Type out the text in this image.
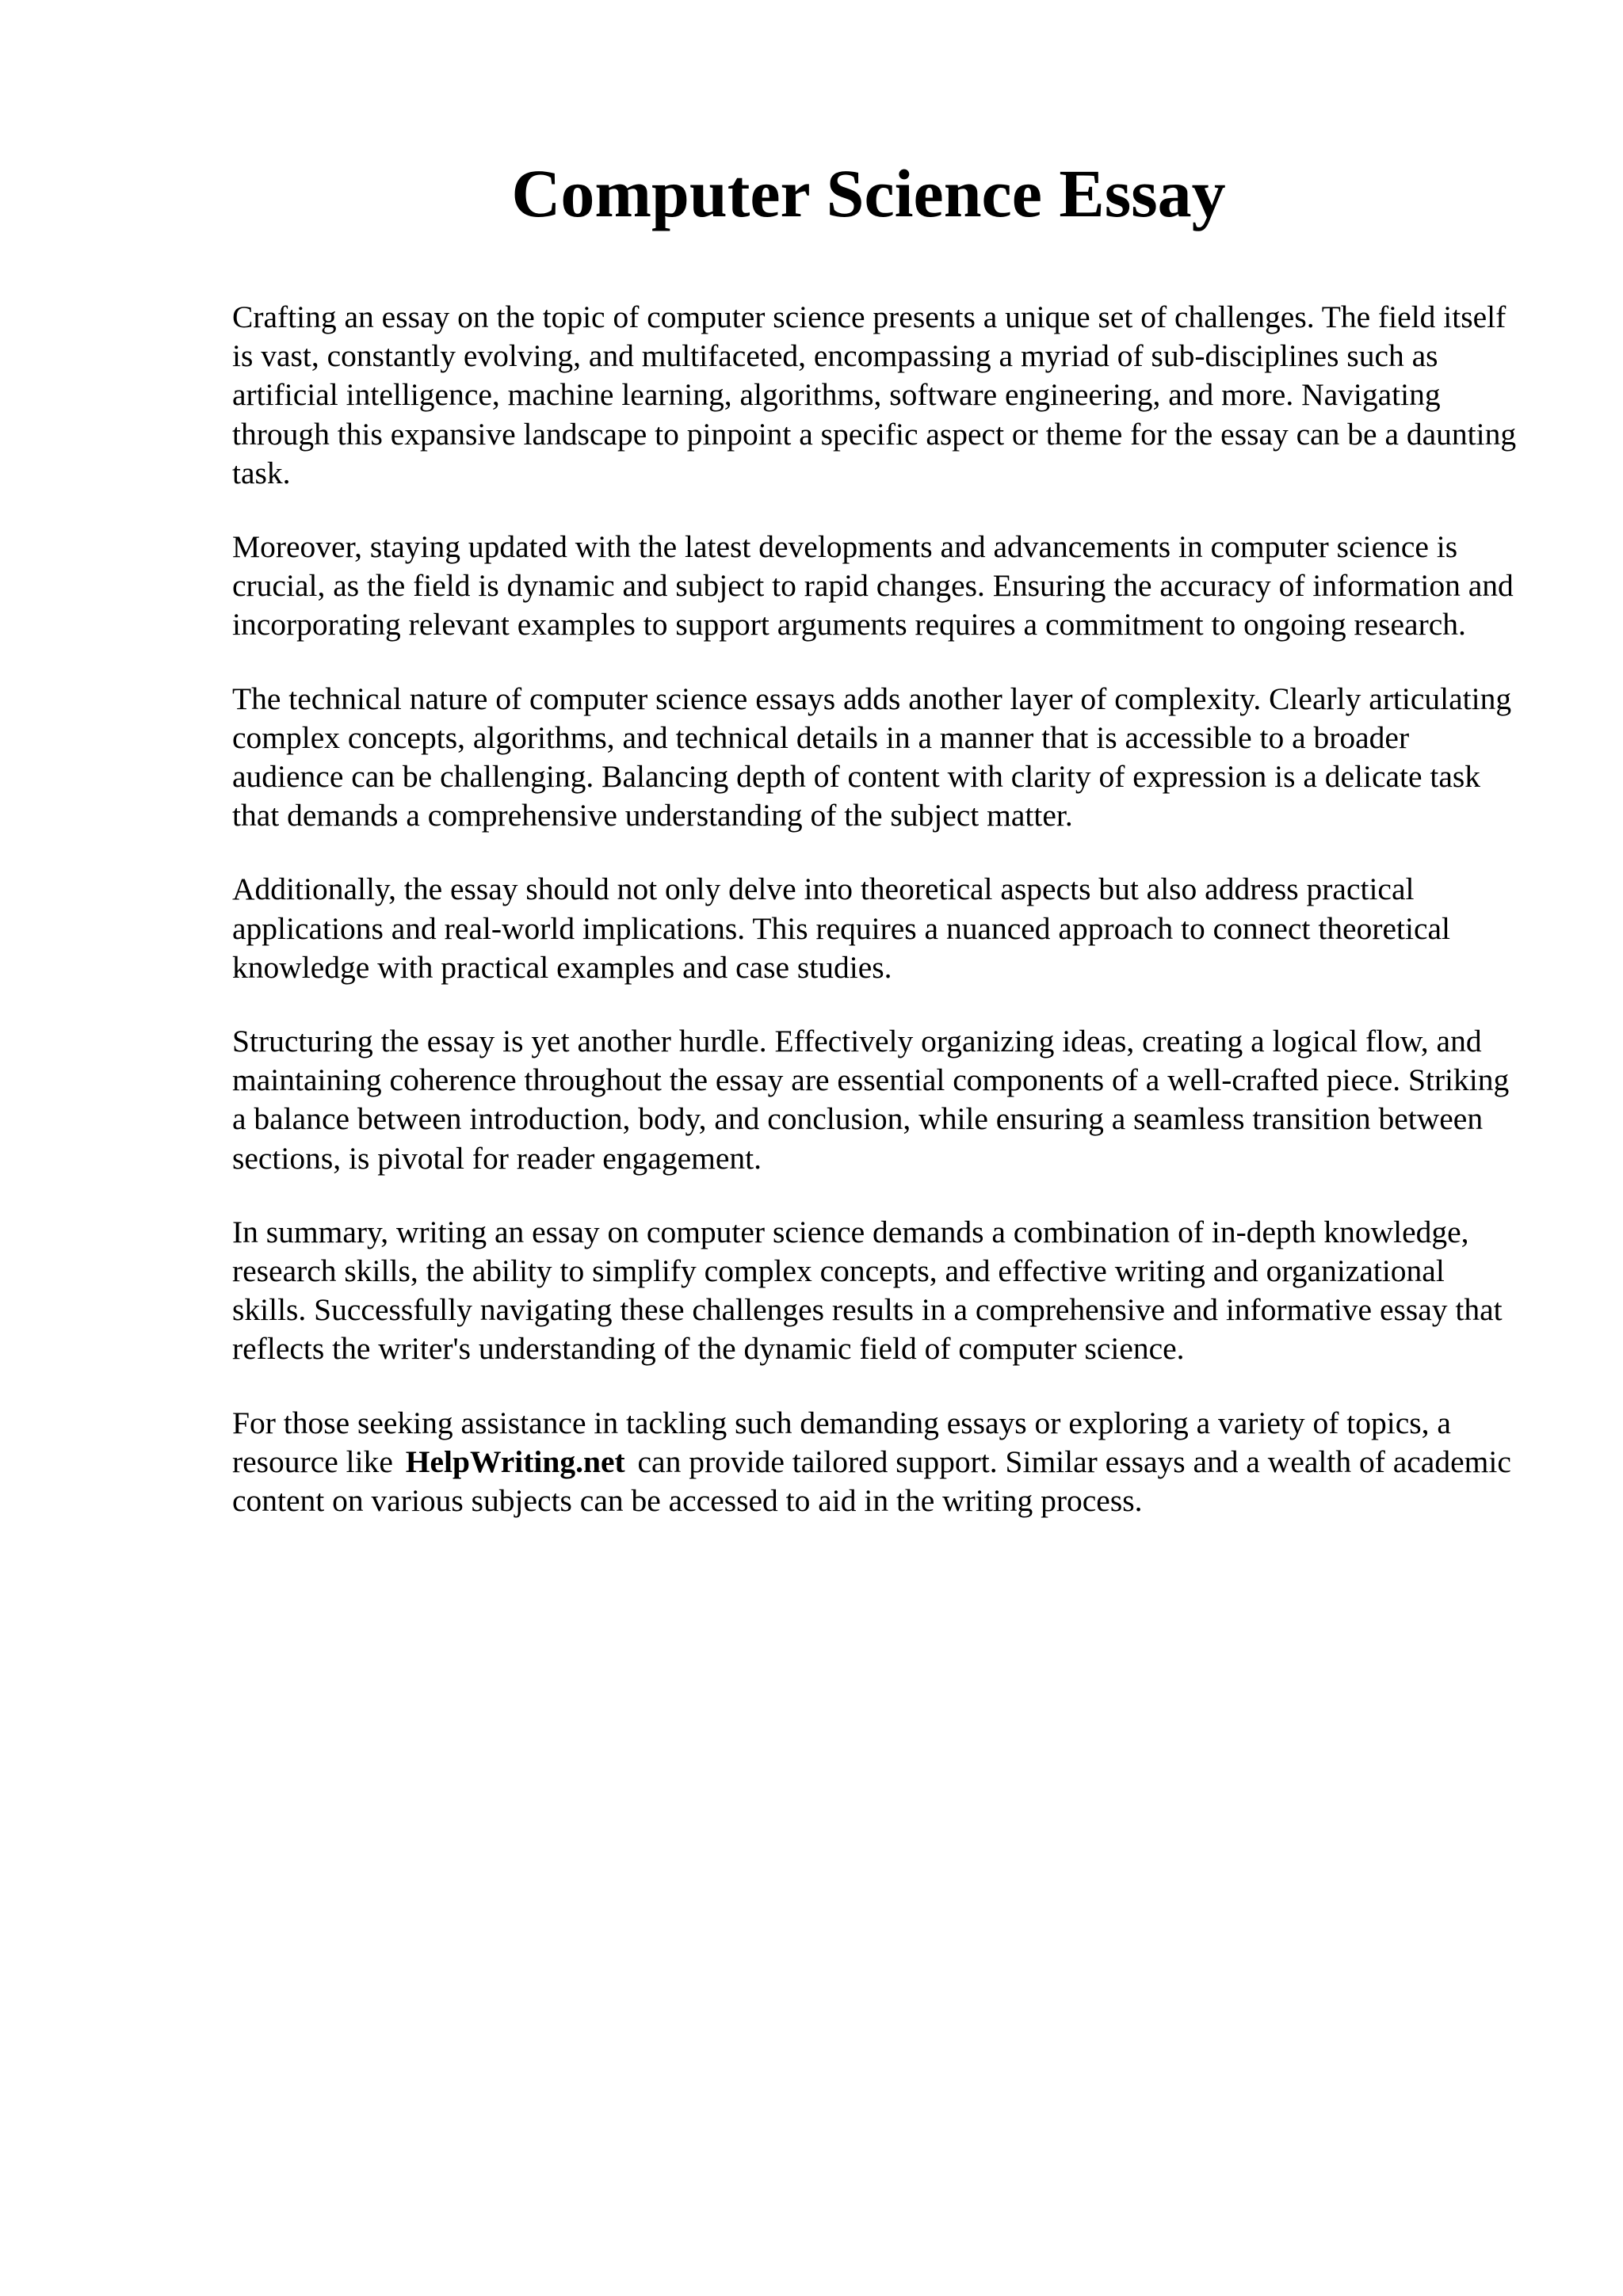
Computer Science Essay

Crafting an essay on the topic of computer science presents a unique set of challenges. The field itself is vast, constantly evolving, and multifaceted, encompassing a myriad of sub-disciplines such as artificial intelligence, machine learning, algorithms, software engineering, and more. Navigating through this expansive landscape to pinpoint a specific aspect or theme for the essay can be a daunting task.

Moreover, staying updated with the latest developments and advancements in computer science is crucial, as the field is dynamic and subject to rapid changes. Ensuring the accuracy of information and incorporating relevant examples to support arguments requires a commitment to ongoing research.

The technical nature of computer science essays adds another layer of complexity. Clearly articulating complex concepts, algorithms, and technical details in a manner that is accessible to a broader audience can be challenging. Balancing depth of content with clarity of expression is a delicate task that demands a comprehensive understanding of the subject matter.

Additionally, the essay should not only delve into theoretical aspects but also address practical applications and real-world implications. This requires a nuanced approach to connect theoretical knowledge with practical examples and case studies.

Structuring the essay is yet another hurdle. Effectively organizing ideas, creating a logical flow, and maintaining coherence throughout the essay are essential components of a well-crafted piece. Striking a balance between introduction, body, and conclusion, while ensuring a seamless transition between sections, is pivotal for reader engagement.

In summary, writing an essay on computer science demands a combination of in-depth knowledge, research skills, the ability to simplify complex concepts, and effective writing and organizational skills. Successfully navigating these challenges results in a comprehensive and informative essay that reflects the writer's understanding of the dynamic field of computer science.

For those seeking assistance in tackling such demanding essays or exploring a variety of topics, a resource like HelpWriting.net can provide tailored support. Similar essays and a wealth of academic content on various subjects can be accessed to aid in the writing process.
